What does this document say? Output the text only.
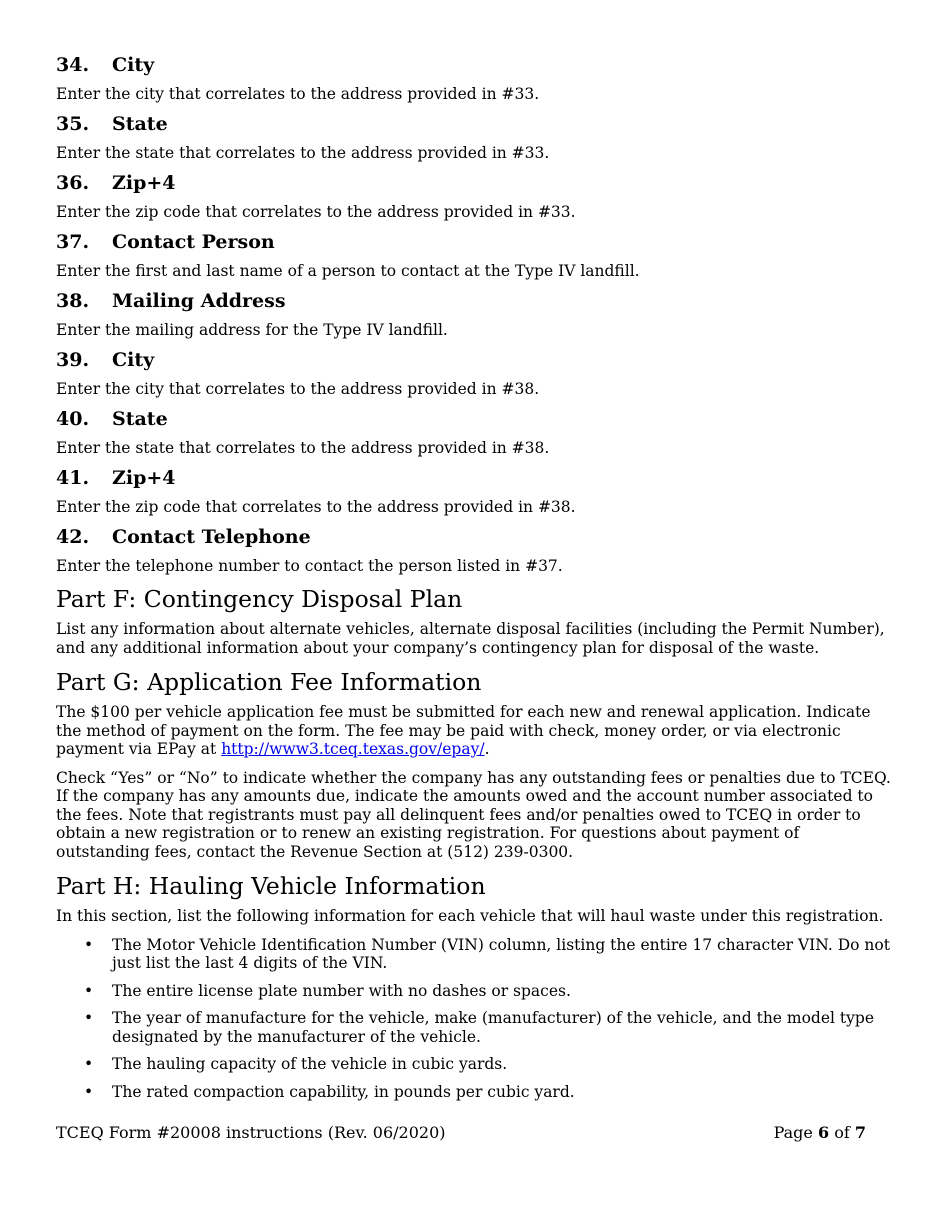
34.	City

Enter the city that correlates to the address provided in #33.

35.	State

Enter the state that correlates to the address provided in #33.

36.	Zip+4

Enter the zip code that correlates to the address provided in #33.

37.	Contact Person

Enter the first and last name of a person to contact at the Type IV landfill.

38.	Mailing Address

Enter the mailing address for the Type IV landfill.

39.	City

Enter the city that correlates to the address provided in #38.

40.	State

Enter the state that correlates to the address provided in #38.

41.	Zip+4

Enter the zip code that correlates to the address provided in #38.

42.	Contact Telephone

Enter the telephone number to contact the person listed in #37.

Part F: Contingency Disposal Plan

List any information about alternate vehicles, alternate disposal facilities (including the Permit Number), and any additional information about your company’s contingency plan for disposal of the waste.

Part G: Application Fee Information

The $100 per vehicle application fee must be submitted for each new and renewal application. Indicate the method of payment on the form. The fee may be paid with check, money order, or via electronic payment via EPay at http://www3.tceq.texas.gov/epay/.

Check “Yes” or “No” to indicate whether the company has any outstanding fees or penalties due to TCEQ. If the company has any amounts due, indicate the amounts owed and the account number associated to the fees. Note that registrants must pay all delinquent fees and/or penalties owed to TCEQ in order to obtain a new registration or to renew an existing registration. For questions about payment of outstanding fees, contact the Revenue Section at (512) 239-0300.

Part H: Hauling Vehicle Information

In this section, list the following information for each vehicle that will haul waste under this registration.

• The Motor Vehicle Identification Number (VIN) column, listing the entire 17 character VIN. Do not just list the last 4 digits of the VIN.
• The entire license plate number with no dashes or spaces.
• The year of manufacture for the vehicle, make (manufacturer) of the vehicle, and the model type designated by the manufacturer of the vehicle.
• The hauling capacity of the vehicle in cubic yards.
• The rated compaction capability, in pounds per cubic yard.
TCEQ Form #20008 instructions (Rev. 06/2020)	Page 6 of 7
